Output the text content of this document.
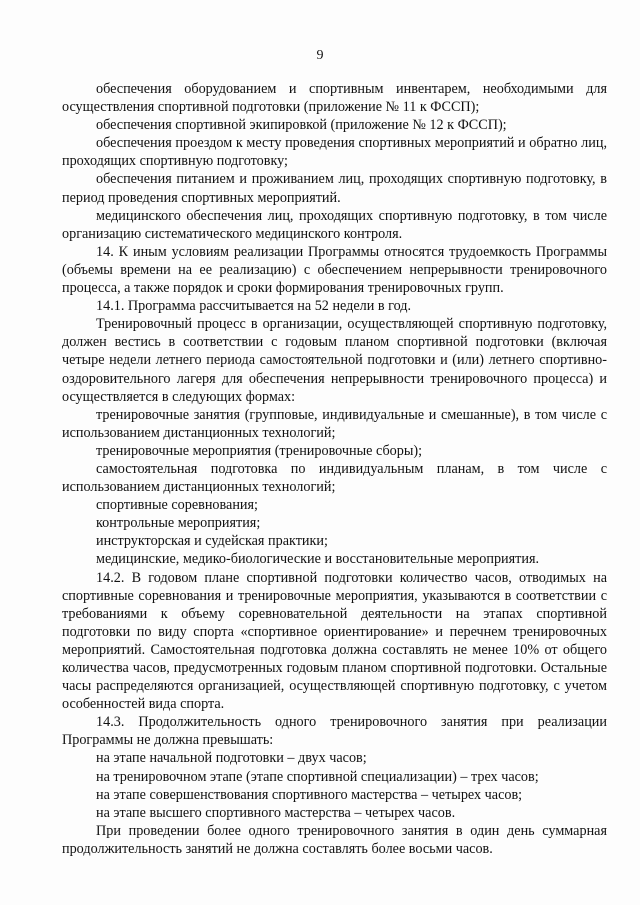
9

обеспечения оборудованием и спортивным инвентарем, необходимыми для осуществления спортивной подготовки (приложение № 11 к ФССП);

обеспечения спортивной экипировкой (приложение № 12 к ФССП);

обеспечения проездом к месту проведения спортивных мероприятий и обратно лиц, проходящих спортивную подготовку;

обеспечения питанием и проживанием лиц, проходящих спортивную подготовку, в период проведения спортивных мероприятий.

медицинского обеспечения лиц, проходящих спортивную подготовку, в том числе организацию систематического медицинского контроля.

14. К иным условиям реализации Программы относятся трудоемкость Программы (объемы времени на ее реализацию) с обеспечением непрерывности тренировочного процесса, а также порядок и сроки формирования тренировочных групп.

14.1. Программа рассчитывается на 52 недели в год.

Тренировочный процесс в организации, осуществляющей спортивную подготовку, должен вестись в соответствии с годовым планом спортивной подготовки (включая четыре недели летнего периода самостоятельной подготовки и (или) летнего спортивно-оздоровительного лагеря для обеспечения непрерывности тренировочного процесса) и осуществляется в следующих формах:

тренировочные занятия (групповые, индивидуальные и смешанные), в том числе с использованием дистанционных технологий;

тренировочные мероприятия (тренировочные сборы);

самостоятельная подготовка по индивидуальным планам, в том числе с использованием дистанционных технологий;

спортивные соревнования;

контрольные мероприятия;

инструкторская и судейская практики;

медицинские, медико-биологические и восстановительные мероприятия.

14.2. В годовом плане спортивной подготовки количество часов, отводимых на спортивные соревнования и тренировочные мероприятия, указываются в соответствии с требованиями к объему соревновательной деятельности на этапах спортивной подготовки по виду спорта «спортивное ориентирование» и перечнем тренировочных мероприятий. Самостоятельная подготовка должна составлять не менее 10% от общего количества часов, предусмотренных годовым планом спортивной подготовки. Остальные часы распределяются организацией, осуществляющей спортивную подготовку, с учетом особенностей вида спорта.

14.3. Продолжительность одного тренировочного занятия при реализации Программы не должна превышать:

на этапе начальной подготовки – двух часов;

на тренировочном этапе (этапе спортивной специализации) – трех часов;

на этапе совершенствования спортивного мастерства – четырех часов;

на этапе высшего спортивного мастерства – четырех часов.

При проведении более одного тренировочного занятия в один день суммарная продолжительность занятий не должна составлять более восьми часов.
